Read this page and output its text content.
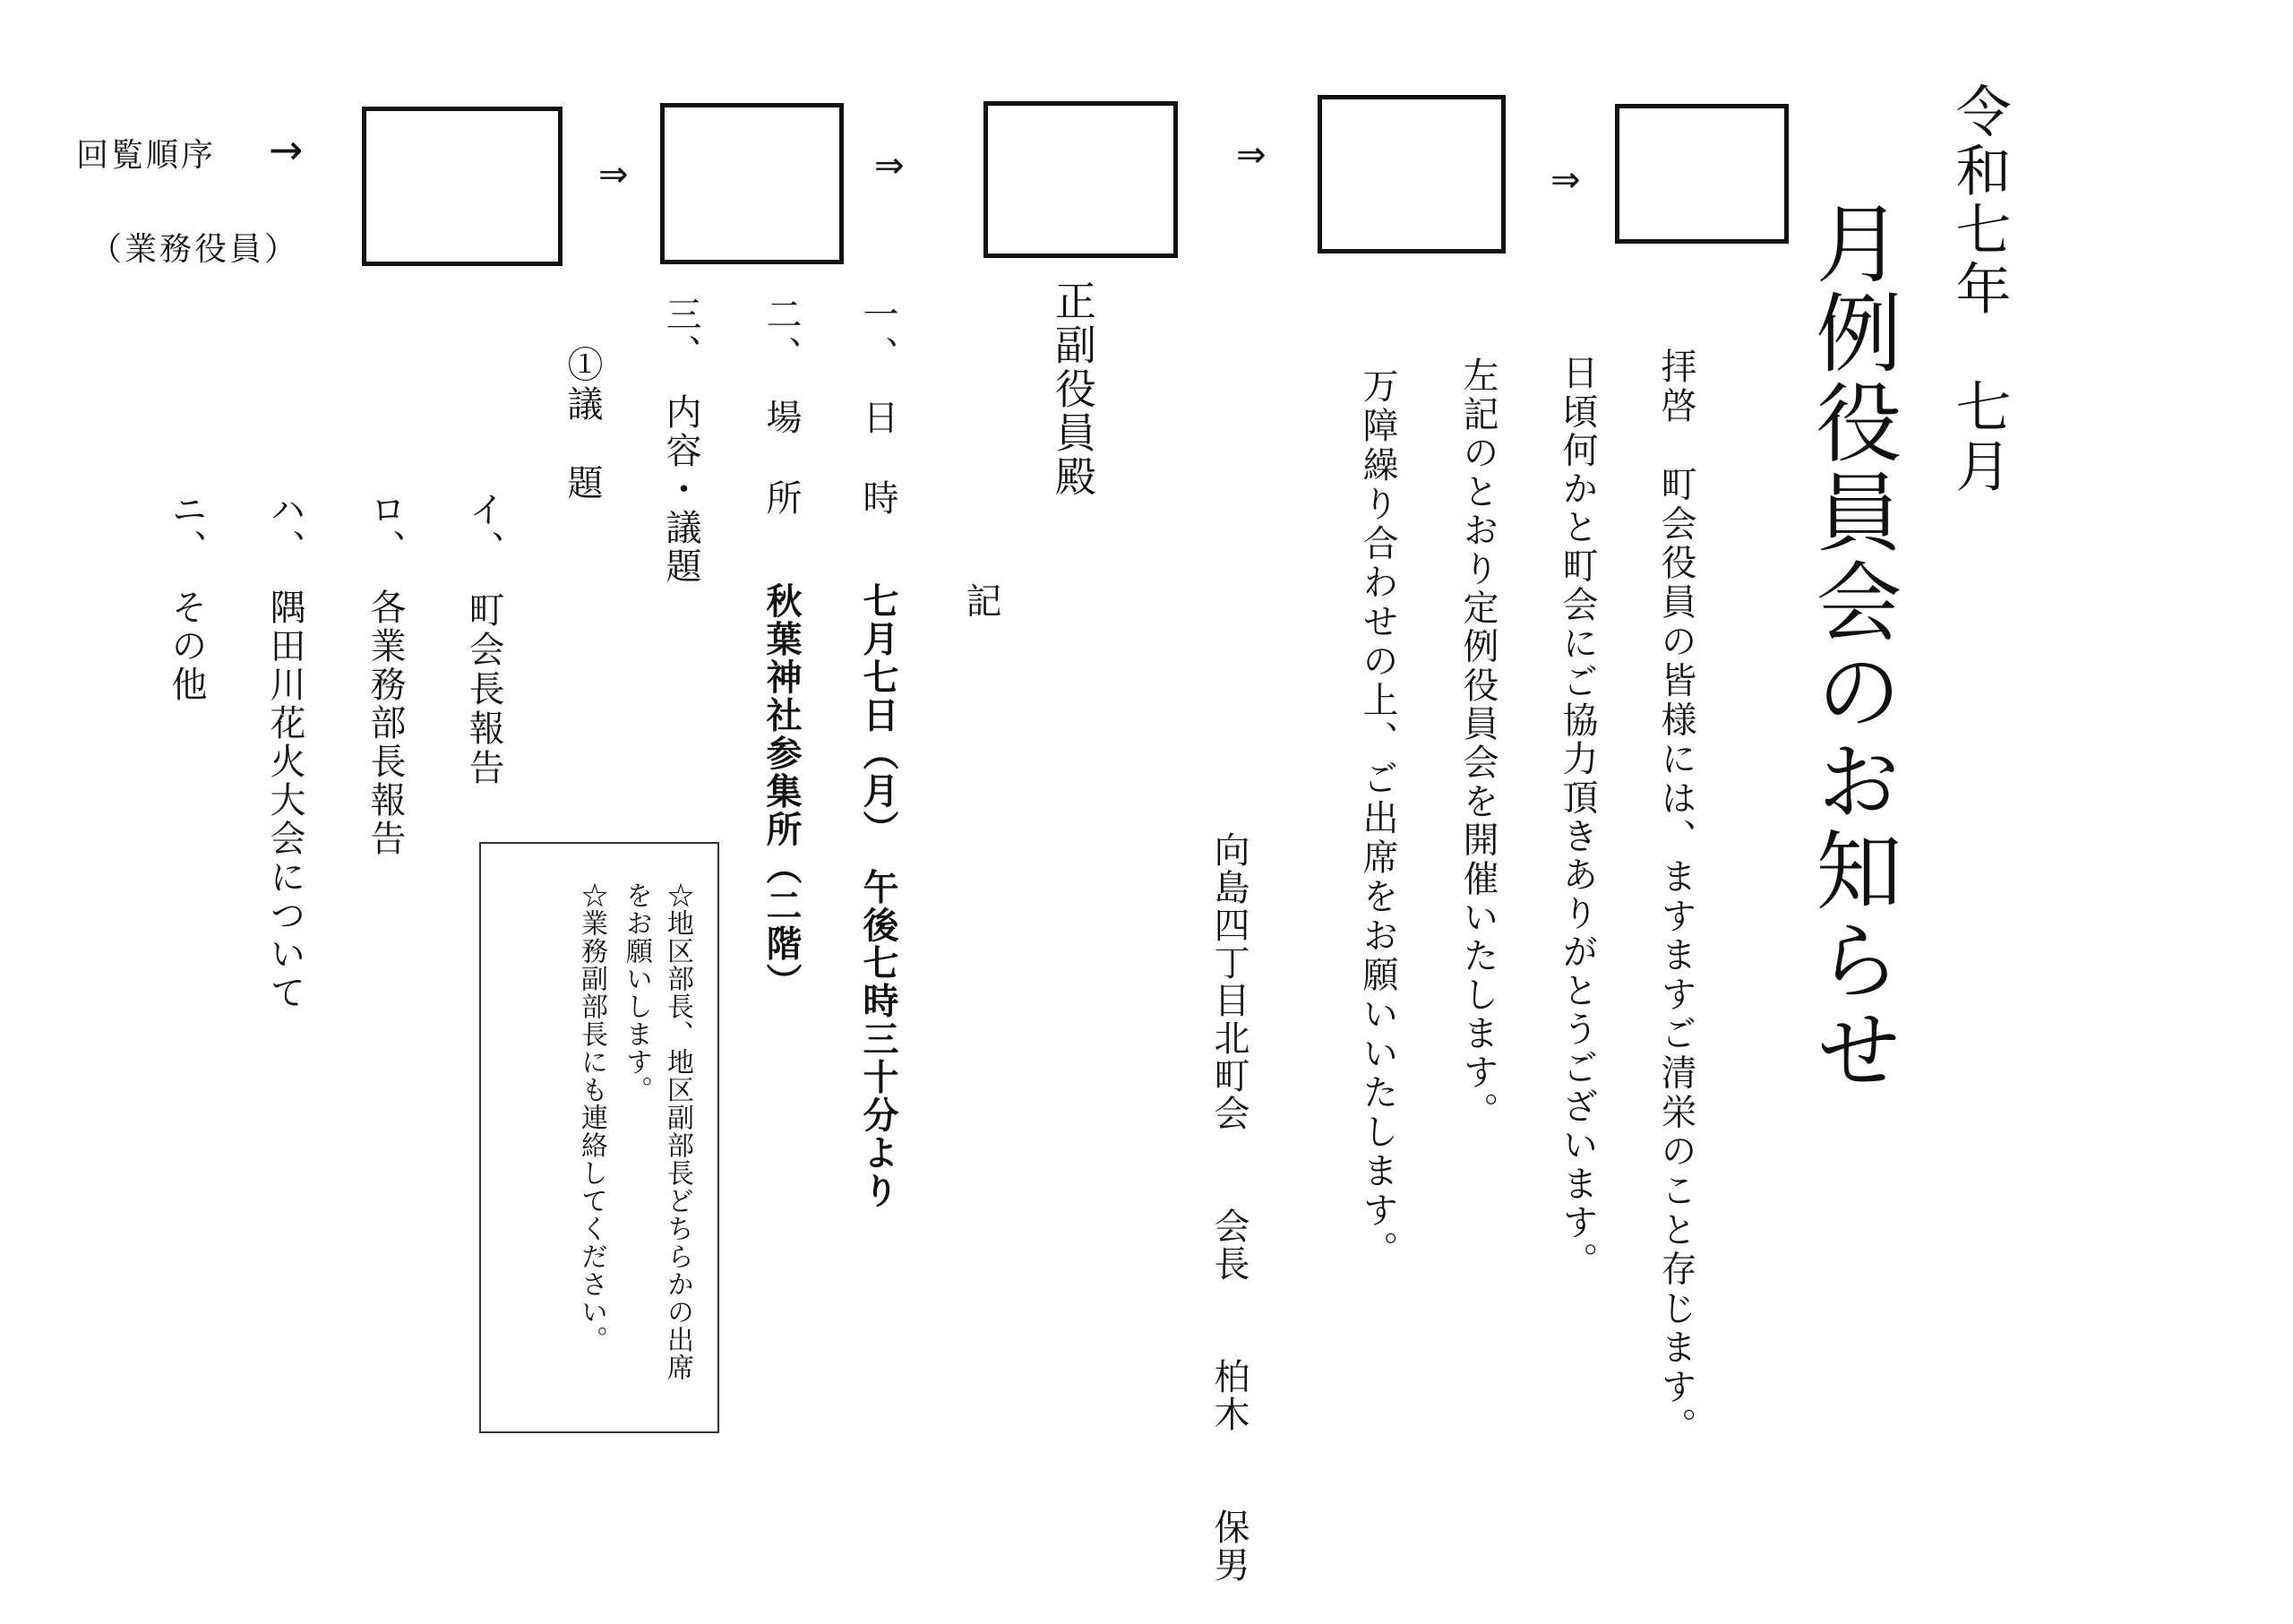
回覧順序 →
（業務役員）
⇒	⇒	⇒
⇒	令和七年　七月
月例役員会のお知らせ
拝啓　町会役員の皆様には、ますますご清栄のこと存じます。
日頃何かと町会にご協力頂きありがとうございます。
左記のとおり定例役員会を開催いたします。
万障繰り合わせの上、ご出席をお願いいたします。
向島四丁目北町会　　会長　　柏木　　保男
正副役員殿
記
一、　日　時
七月七日（月）　午後七時三十分より
二、　場　所
秋葉神社参集所（二階）
三、　内容・議題
①議　題
イ、　町会長報告
ロ、　各業務部長報告
ハ、　隅田川花火大会について
ニ、　その他
☆地区部長、地区副部長どちらかの出席をお願いします。
☆業務副部長にも連絡してください。
